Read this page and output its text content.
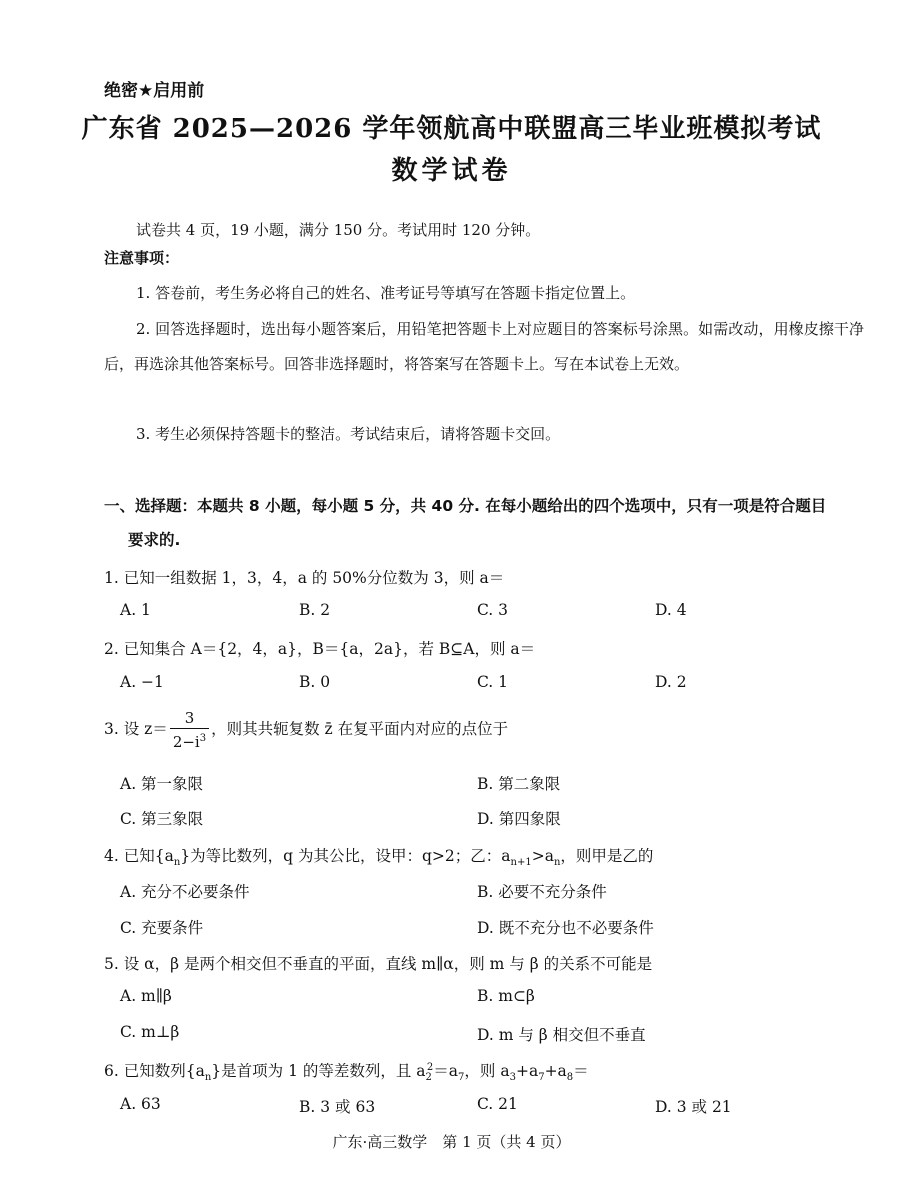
绝密★启用前
广东省 2025—2026 学年领航高中联盟高三毕业班模拟考试
数学试卷
试卷共 4 页，19 小题，满分 150 分。考试用时 120 分钟。
注意事项：
1. 答卷前，考生务必将自己的姓名、准考证号等填写在答题卡指定位置上。
2. 回答选择题时，选出每小题答案后，用铅笔把答题卡上对应题目的答案标号涂黑。如需改动，用橡皮擦干净后，再选涂其他答案标号。回答非选择题时，将答案写在答题卡上。写在本试卷上无效。
3. 考生必须保持答题卡的整洁。考试结束后，请将答题卡交回。
一、选择题：本题共 8 小题，每小题 5 分，共 40 分. 在每小题给出的四个选项中，只有一项是符合题目
要求的.
1. 已知一组数据 1，3，4，a 的 50%分位数为 3，则 a＝
A. 1	B. 2	C. 3	D. 4
2. 已知集合 A＝{2，4，a}，B＝{a，2a}，若 B⊆A，则 a＝
A. −1	B. 0	C. 1	D. 2
3. 设 $z= \frac{3}{2-i^3}$ ，则其共轭复数 z̄ 在复平面内对应的点位于
A. 第一象限	B. 第二象限
C. 第三象限	D. 第四象限
4. 已知$\{a_n\}$为等比数列，q 为其公比，设甲：q>2；乙：$a_{n+1}>a_n$，则甲是乙的
A. 充分不必要条件	B. 必要不充分条件
C. 充要条件	D. 既不充分也不必要条件
5. 设 α，β 是两个相交但不垂直的平面，直线 m∥α，则 m 与 β 的关系不可能是
A. m∥β	B. m⊂β
C. m⊥β	D. m 与 β 相交但不垂直
6. 已知数列$\{a_n\}$是首项为 1 的等差数列，且 $a_2^2=a_7$，则 $a_3+a_7+a_8=$
A. 63	B. 3 或 63	C. 21	D. 3 或 21
广东·高三数学　第 1 页（共 4 页）
